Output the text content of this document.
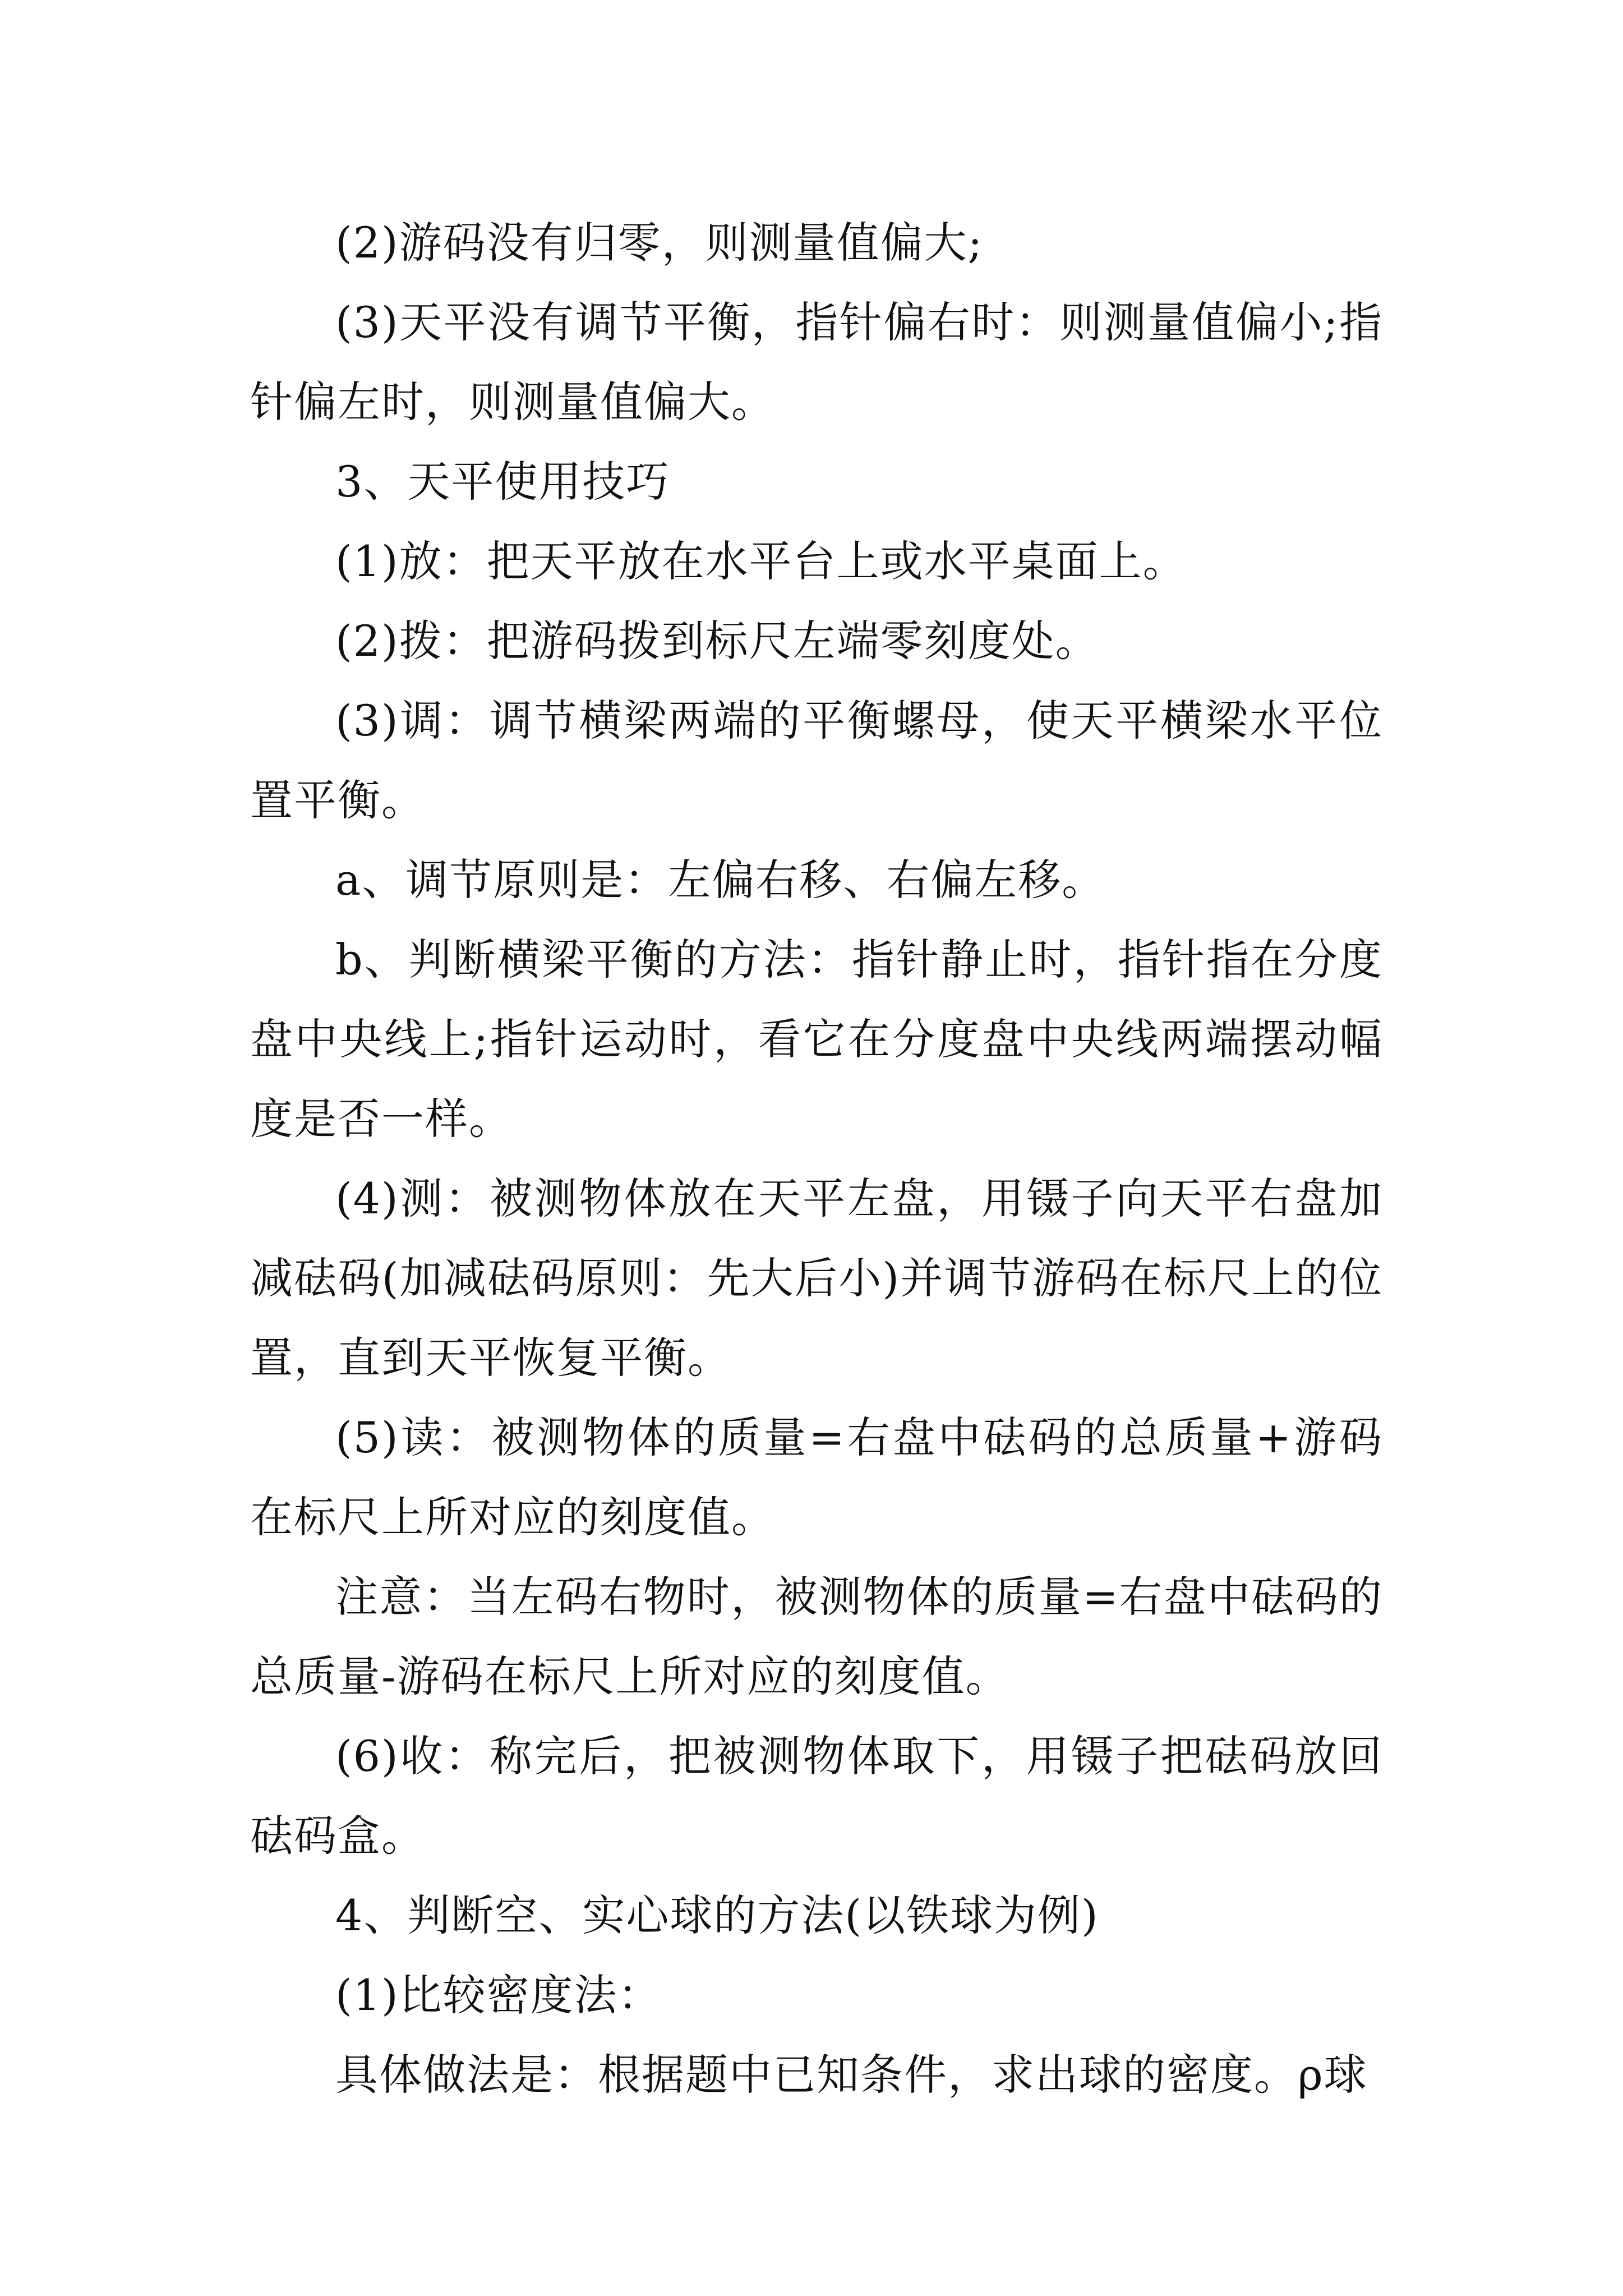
(2)游码没有归零，则测量值偏大;

(3)天平没有调节平衡，指针偏右时：则测量值偏小;指针偏左时，则测量值偏大。

3、天平使用技巧

(1)放：把天平放在水平台上或水平桌面上。

(2)拨：把游码拨到标尺左端零刻度处。

(3)调：调节横梁两端的平衡螺母，使天平横梁水平位置平衡。

a、调节原则是：左偏右移、右偏左移。

b、判断横梁平衡的方法：指针静止时，指针指在分度盘中央线上;指针运动时，看它在分度盘中央线两端摆动幅度是否一样。

(4)测：被测物体放在天平左盘，用镊子向天平右盘加减砝码(加减砝码原则：先大后小)并调节游码在标尺上的位置，直到天平恢复平衡。

(5)读：被测物体的质量=右盘中砝码的总质量+游码在标尺上所对应的刻度值。

注意：当左码右物时，被测物体的质量=右盘中砝码的总质量-游码在标尺上所对应的刻度值。

(6)收：称完后，把被测物体取下，用镊子把砝码放回砝码盒。

4、判断空、实心球的方法(以铁球为例)

(1)比较密度法：

具体做法是：根据题中已知条件，求出球的密度。ρ球
